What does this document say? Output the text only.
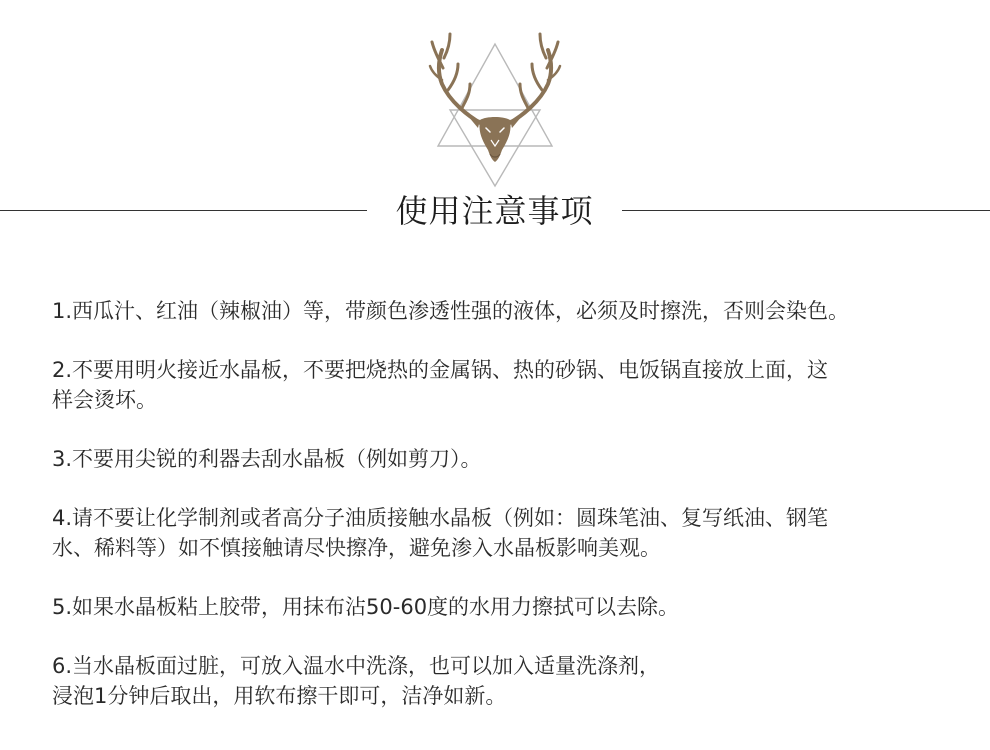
使用注意事项
1.西瓜汁、红油（辣椒油）等，带颜色渗透性强的液体，必须及时擦洗，否则会染色。
2.不要用明火接近水晶板，不要把烧热的金属锅、热的砂锅、电饭锅直接放上面，这
样会烫坏。
3.不要用尖锐的利器去刮水晶板（例如剪刀）。
4.请不要让化学制剂或者高分子油质接触水晶板（例如：圆珠笔油、复写纸油、钢笔
水、稀料等）如不慎接触请尽快擦净，避免渗入水晶板影响美观。
5.如果水晶板粘上胶带，用抹布沾50-60度的水用力擦拭可以去除。
6.当水晶板面过脏，可放入温水中洗涤，也可以加入适量洗涤剂，
浸泡1分钟后取出，用软布擦干即可，洁净如新。
